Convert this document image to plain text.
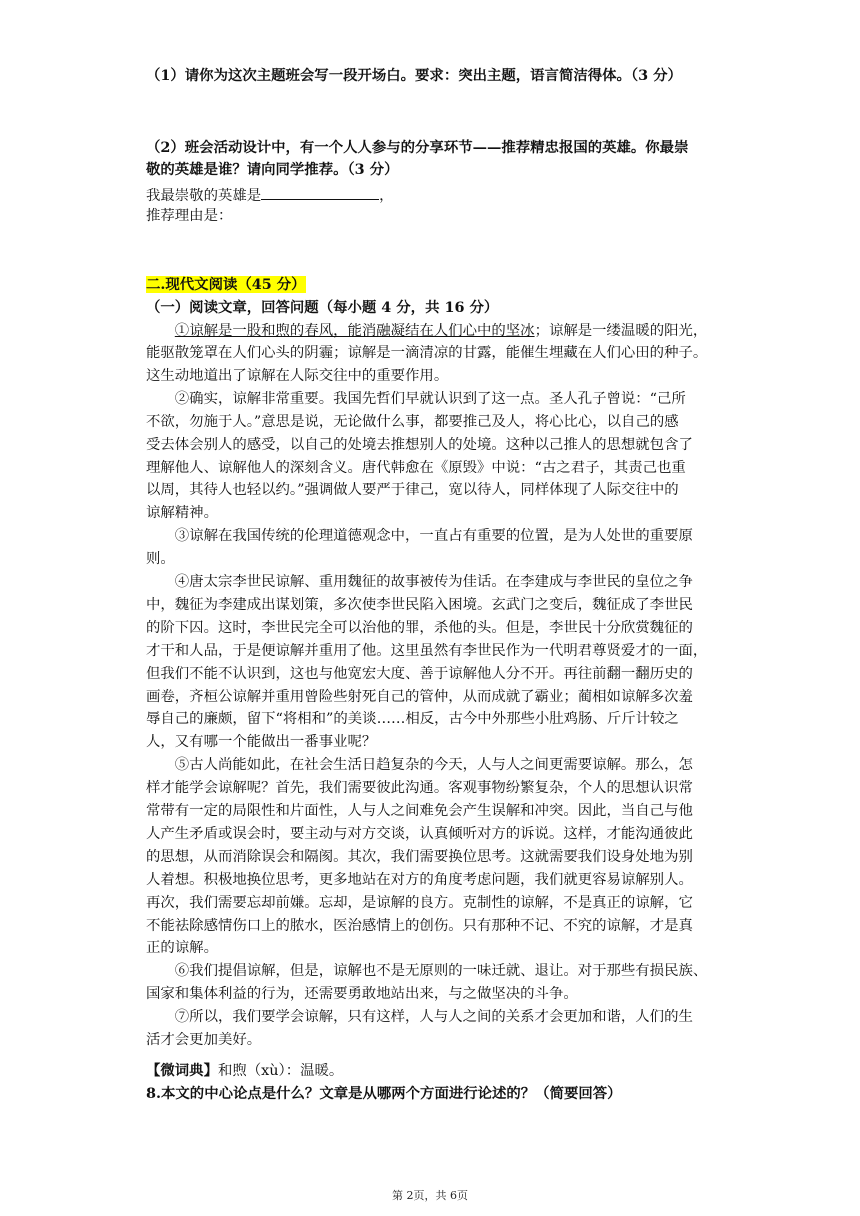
（1）请你为这次主题班会写一段开场白。要求：突出主题，语言简洁得体。（3 分）
（2）班会活动设计中，有一个人人参与的分享环节——推荐精忠报国的英雄。你最崇
敬的英雄是谁？请向同学推荐。（3 分）
我最崇敬的英雄是	，
推荐理由是：
二.现代文阅读（45 分）
（一）阅读文章，回答问题（每小题 4 分，共 16 分）
　　①谅解是一股和煦的春风，能消融凝结在人们心中的坚冰；谅解是一缕温暖的阳光，
能驱散笼罩在人们心头的阴霾；谅解是一滴清凉的甘露，能催生埋藏在人们心田的种子。
这生动地道出了谅解在人际交往中的重要作用。
　　②确实，谅解非常重要。我国先哲们早就认识到了这一点。圣人孔子曾说：“己所
不欲，勿施于人。”意思是说，无论做什么事，都要推己及人，将心比心，以自己的感
受去体会别人的感受，以自己的处境去推想别人的处境。这种以己推人的思想就包含了
理解他人、谅解他人的深刻含义。唐代韩愈在《原毁》中说：“古之君子，其责己也重
以周，其待人也轻以约。”强调做人要严于律己，宽以待人，同样体现了人际交往中的
谅解精神。
　　③谅解在我国传统的伦理道德观念中，一直占有重要的位置，是为人处世的重要原
则。
　　④唐太宗李世民谅解、重用魏征的故事被传为佳话。在李建成与李世民的皇位之争
中，魏征为李建成出谋划策，多次使李世民陷入困境。玄武门之变后，魏征成了李世民
的阶下囚。这时，李世民完全可以治他的罪，杀他的头。但是，李世民十分欣赏魏征的
才干和人品，于是便谅解并重用了他。这里虽然有李世民作为一代明君尊贤爱才的一面，
但我们不能不认识到，这也与他宽宏大度、善于谅解他人分不开。再往前翻一翻历史的
画卷，齐桓公谅解并重用曾险些射死自己的管仲，从而成就了霸业；蔺相如谅解多次羞
辱自己的廉颇，留下“将相和”的美谈……相反，古今中外那些小肚鸡肠、斤斤计较之
人，又有哪一个能做出一番事业呢？
　　⑤古人尚能如此，在社会生活日趋复杂的今天，人与人之间更需要谅解。那么，怎
样才能学会谅解呢？首先，我们需要彼此沟通。客观事物纷繁复杂，个人的思想认识常
常带有一定的局限性和片面性，人与人之间难免会产生误解和冲突。因此，当自己与他
人产生矛盾或误会时，要主动与对方交谈，认真倾听对方的诉说。这样，才能沟通彼此
的思想，从而消除误会和隔阂。其次，我们需要换位思考。这就需要我们设身处地为别
人着想。积极地换位思考，更多地站在对方的角度考虑问题，我们就更容易谅解别人。
再次，我们需要忘却前嫌。忘却，是谅解的良方。克制性的谅解，不是真正的谅解，它
不能祛除感情伤口上的脓水，医治感情上的创伤。只有那种不记、不究的谅解，才是真
正的谅解。
　　⑥我们提倡谅解，但是，谅解也不是无原则的一味迁就、退让。对于那些有损民族、
国家和集体利益的行为，还需要勇敢地站出来，与之做坚决的斗争。
　　⑦所以，我们要学会谅解，只有这样，人与人之间的关系才会更加和谐，人们的生
活才会更加美好。
【微词典】和煦（xù）：温暖。
8.本文的中心论点是什么？文章是从哪两个方面进行论述的？（简要回答）
第 2页，共 6页
